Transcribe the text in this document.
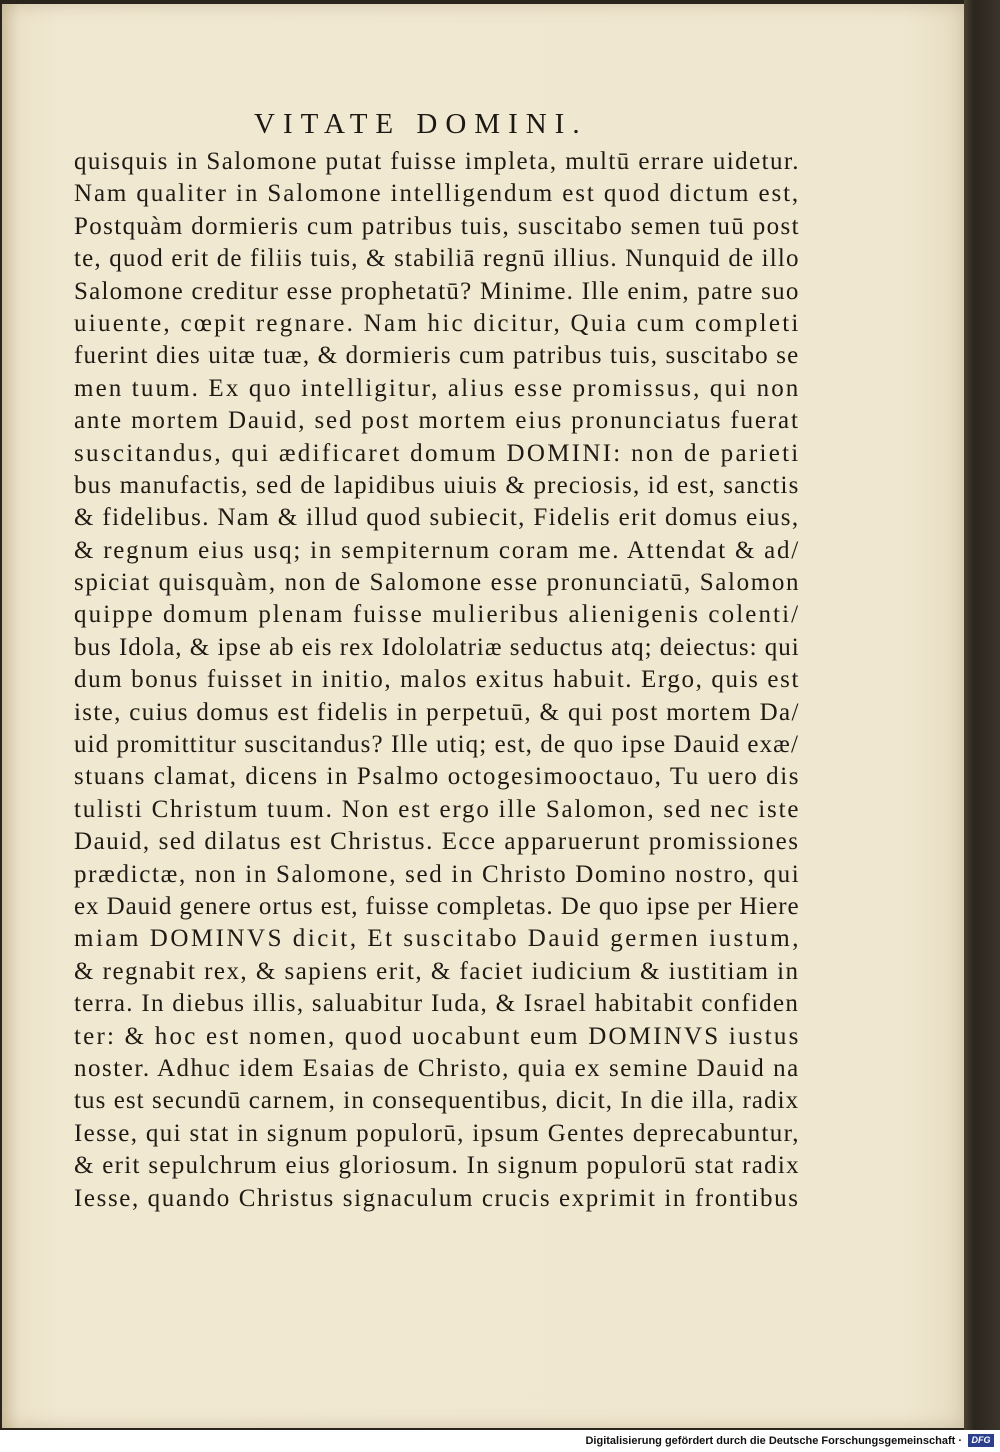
VITATE DOMINI.
quisquis in Salomone putat fuisse impleta, multū errare uidetur.
Nam qualiter in Salomone intelligendum est quod dictum est,
Postquàm dormieris cum patribus tuis, suscitabo semen tuū post
te, quod erit de filiis tuis, & stabiliā regnū illius. Nunquid de illo
Salomone creditur esse prophetatū? Minime. Ille enim, patre suo
uiuente, cœpit regnare. Nam hic dicitur, Quia cum completi
fuerint dies uitæ tuæ, & dormieris cum patribus tuis, suscitabo se
men tuum. Ex quo intelligitur, alius esse promissus, qui non
ante mortem Dauid, sed post mortem eius pronunciatus fuerat
suscitandus, qui ædificaret domum DOMINI: non de parieti
bus manufactis, sed de lapidibus uiuis & preciosis, id est, sanctis
& fidelibus. Nam & illud quod subiecit, Fidelis erit domus eius,
& regnum eius usq; in sempiternum coram me. Attendat & ad/
spiciat quisquàm, non de Salomone esse pronunciatū, Salomon
quippe domum plenam fuisse mulieribus alienigenis colenti/
bus Idola, & ipse ab eis rex Idololatriæ seductus atq; deiectus: qui
dum bonus fuisset in initio, malos exitus habuit. Ergo, quis est
iste, cuius domus est fidelis in perpetuū, & qui post mortem Da/
uid promittitur suscitandus? Ille utiq; est, de quo ipse Dauid exæ/
stuans clamat, dicens in Psalmo octogesimooctauo, Tu uero dis
tulisti Christum tuum. Non est ergo ille Salomon, sed nec iste
Dauid, sed dilatus est Christus. Ecce apparuerunt promissiones
prædictæ, non in Salomone, sed in Christo Domino nostro, qui
ex Dauid genere ortus est, fuisse completas. De quo ipse per Hiere
miam DOMINVS dicit, Et suscitabo Dauid germen iustum,
& regnabit rex, & sapiens erit, & faciet iudicium & iustitiam in
terra. In diebus illis, saluabitur Iuda, & Israel habitabit confiden
ter: & hoc est nomen, quod uocabunt eum DOMINVS iustus
noster. Adhuc idem Esaias de Christo, quia ex semine Dauid na
tus est secundū carnem, in consequentibus, dicit, In die illa, radix
Iesse, qui stat in signum populorū, ipsum Gentes deprecabuntur,
& erit sepulchrum eius gloriosum. In signum populorū stat radix
Iesse, quando Christus signaculum crucis exprimit in frontibus
Digitalisierung gefördert durch die Deutsche Forschungsgemeinschaft ·	DFG
